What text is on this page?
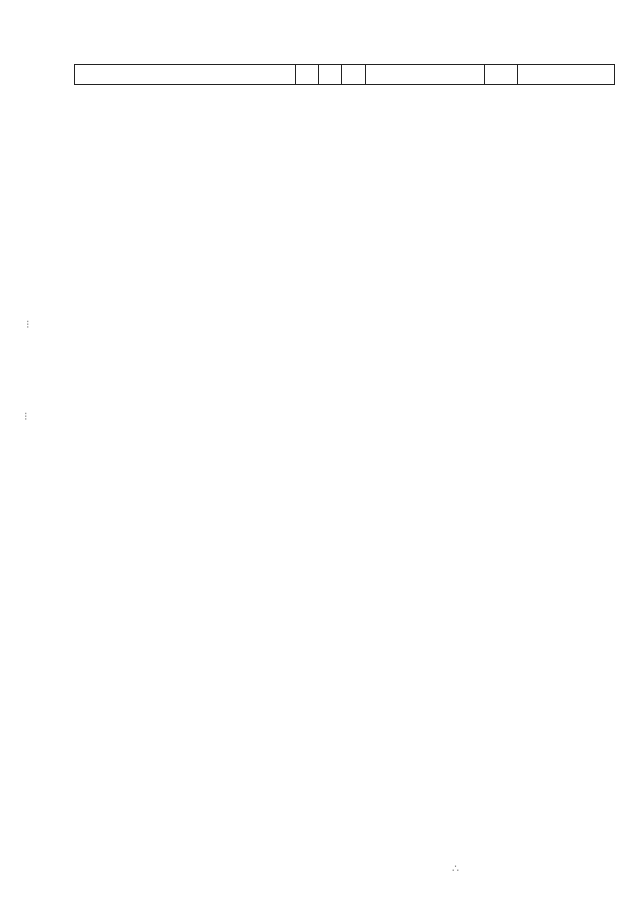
⁝
⁝
∴
